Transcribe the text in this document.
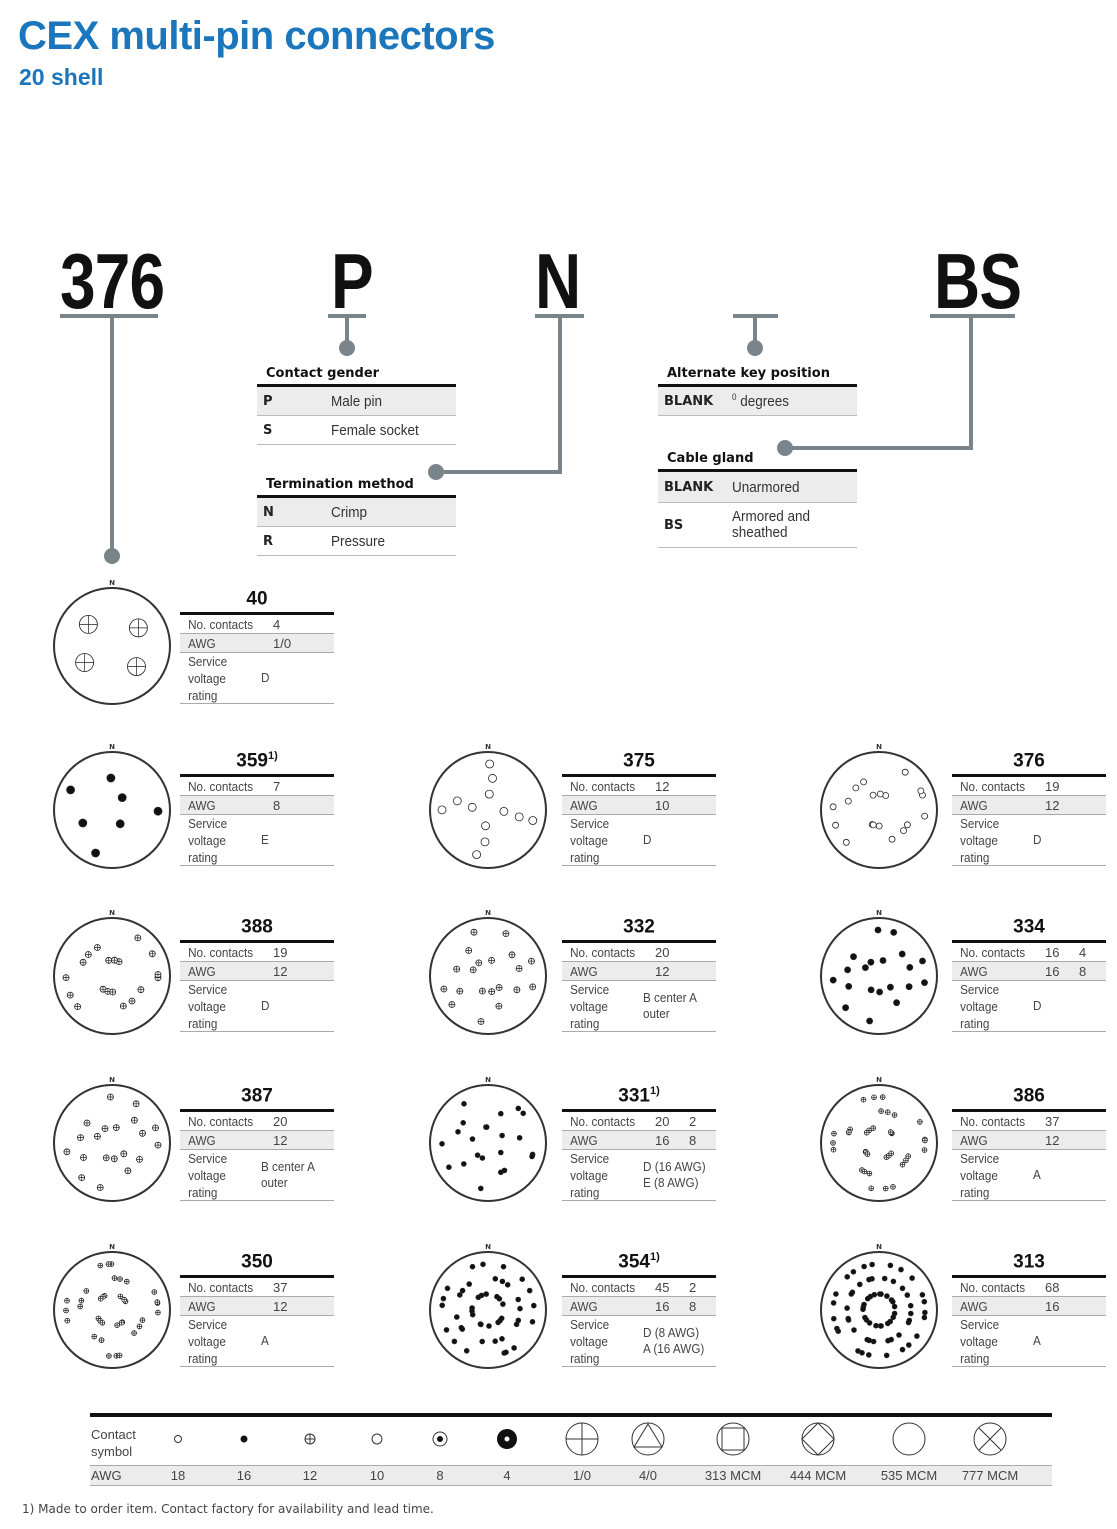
CEX multi-pin connectors
20 shell
376 P N	BS
Contact gender
P	Male pin
S	Female socket
Termination method
N	Crimp
R	Pressure
Alternate key position
BLANK	$^0$ degrees
Cable gland
BLANK	Unarmored
BS	Armored and sheathed
40
No. contacts	4
AWG	1/0
Service voltage rating
D
N
359$^{1)}$
No. contacts	7
AWG	8
Service voltage rating
E
N
375
No. contacts	12
AWG	10
Service voltage rating
D
N
376
No. contacts	19
AWG	12
Service voltage rating
D
N
388
No. contacts	19
AWG	12
Service voltage rating
D
N
332
No. contacts	20
AWG	12
Service voltage rating
B center A outer
N
334
No. contacts	16	4
AWG	16	8
Service voltage rating
D
N
387
No. contacts	20
AWG	12
Service voltage rating
B center A outer
N
331$^{1)}$
No. contacts	20	2
AWG	16	8
Service voltage rating
D (16 AWG) E (8 AWG)
N
386
No. contacts	37
AWG	12
Service voltage rating
A
N
350
No. contacts	37
AWG	12
Service voltage rating
A
N
354$^{1)}$
No. contacts	45	2
AWG	16	8
Service voltage rating
D (8 AWG) A (16 AWG)
N
313
No. contacts	68
AWG	16
Service voltage rating
A
N
Contact symbol
AWG	18	16	12	10	8	4	1/0	4/0	313 MCM	444 MCM	535 MCM	777 MCM
1) Made to order item. Contact factory for availability and lead time.
